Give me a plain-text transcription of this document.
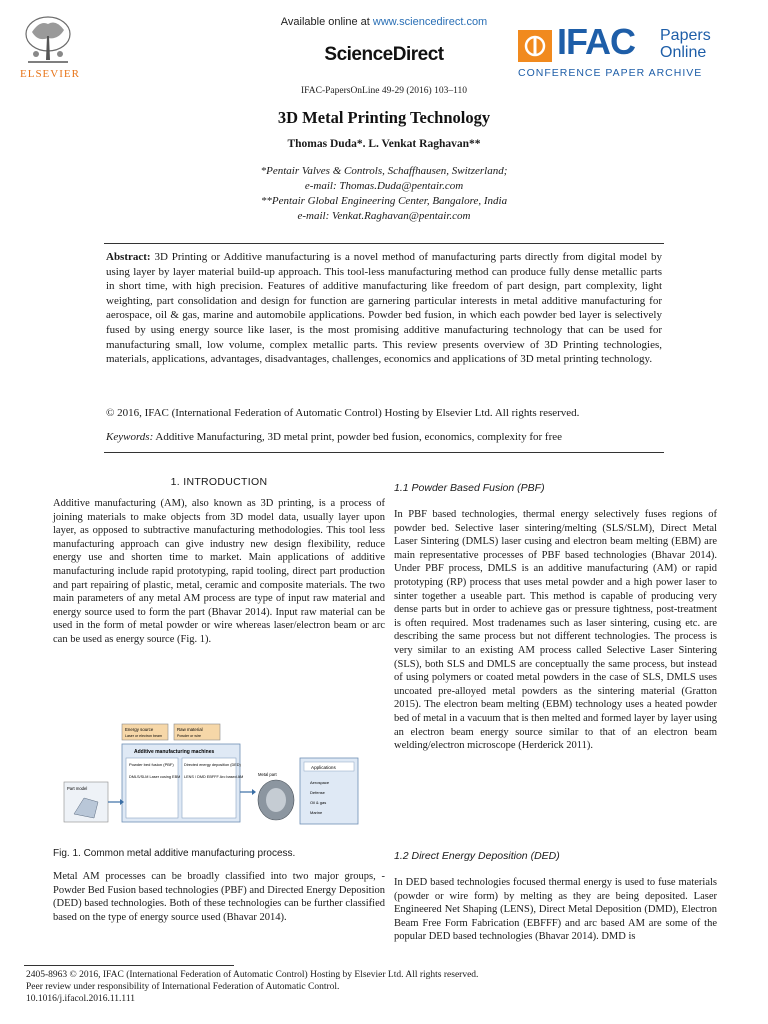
ELSEVIER
Available online at www.sciencedirect.com
ScienceDirect	IFAC Papers
Online
CONFERENCE PAPER ARCHIVE
IFAC-PapersOnLine 49-29 (2016) 103–110
3D Metal Printing Technology
Thomas Duda*. L. Venkat Raghavan**
*Pentair Valves & Controls, Schaffhausen, Switzerland;
e-mail: Thomas.Duda@pentair.com
**Pentair Global Engineering Center, Bangalore, India
e-mail: Venkat.Raghavan@pentair.com
Abstract: 3D Printing or Additive manufacturing is a novel method of manufacturing parts directly from digital model by using layer by layer material build-up approach. This tool-less manufacturing method can produce fully dense metallic parts in short time, with high precision. Features of additive manufacturing like freedom of part design, part complexity, light weighting, part consolidation and design for function are garnering particular interests in metal additive manufacturing for aerospace, oil & gas, marine and automobile applications. Powder bed fusion, in which each powder bed layer is selectively fused by using energy source like laser, is the most promising additive manufacturing technology that can be used for manufacturing small, low volume, complex metallic parts. This review presents overview of 3D Printing technologies, materials, applications, advantages, disadvantages, challenges, economics and applications of 3D metal printing technology.
© 2016, IFAC (International Federation of Automatic Control) Hosting by Elsevier Ltd. All rights reserved.
Keywords: Additive Manufacturing, 3D metal print, powder bed fusion, economics, complexity for free
1. INTRODUCTION
Additive manufacturing (AM), also known as 3D printing, is a process of joining materials to make objects from 3D model data, usually layer upon layer, as opposed to subtractive manufacturing methodologies. This tool less manufacturing approach can give industry new design flexibility, reduce energy use and shorten time to market. Main applications of additive manufacturing include rapid prototyping, rapid tooling, direct part production and part repairing of plastic, metal, ceramic and composite materials. The two main parameters of any metal AM process are type of input raw material and energy source used to form the part (Bhavar 2014). Input raw material can be used in the form of metal powder or wire whereas laser/electron beam or arc can be used as energy source (Fig. 1).
Energy source
Laser or electron beam
Raw material
Powder or wire
Additive manufacturing machines
Powder bed fusion (PBF)
DMLS/SLM Laser cusing EBM
Directed energy deposition (DED)
LENS / DMD EBFFF Arc based AM
Part model
Metal part
Applications
Aerospace
Defense
Oil & gas
Marine
Fig. 1. Common metal additive manufacturing process.
Metal AM processes can be broadly classified into two major groups, - Powder Bed Fusion based technologies (PBF) and Directed Energy Deposition (DED) based technologies. Both of these technologies can be further classified based on the type of energy source used (Bhavar 2014).
1.1 Powder Based Fusion (PBF)
In PBF based technologies, thermal energy selectively fuses regions of powder bed. Selective laser sintering/melting (SLS/SLM), Direct Metal Laser Sintering (DMLS) laser cusing and electron beam melting (EBM) are main representative processes of PBF based technologies (Bhavar 2014). Under PBF process, DMLS is an additive manufacturing (AM) or rapid prototyping (RP) process that uses metal powder and a high power laser to sinter together a useable part. This method is capable of producing very dense parts but in order to achieve gas or pressure tightness, post-treatment is often required. Most tradenames such as laser sintering, cusing etc. are describing the same process but not different technologies. The process is very similar to an existing AM process called Selective Laser Sintering (SLS), both SLS and DMLS are conceptually the same process, but instead of using polymers or coated metal powders in the case of SLS, DMLS uses uncoated pre-alloyed metal powders as the sintering material (Gratton 2015). The electron beam melting (EBM) technology uses a heated powder bed of metal in a vacuum that is then melted and formed layer by layer using an electron beam energy source similar to that of an electron beam welding/electron microscope (Herderick 2011).
1.2 Direct Energy Deposition (DED)
In DED based technologies focused thermal energy is used to fuse materials (powder or wire form) by melting as they are being deposited. Laser Engineered Net Shaping (LENS), Direct Metal Deposition (DMD), Electron Beam Free Form Fabrication (EBFFF) and arc based AM are some of the popular DED based technologies (Bhavar 2014). DMD is
2405-8963 © 2016, IFAC (International Federation of Automatic Control) Hosting by Elsevier Ltd. All rights reserved.
Peer review under responsibility of International Federation of Automatic Control.
10.1016/j.ifacol.2016.11.111
